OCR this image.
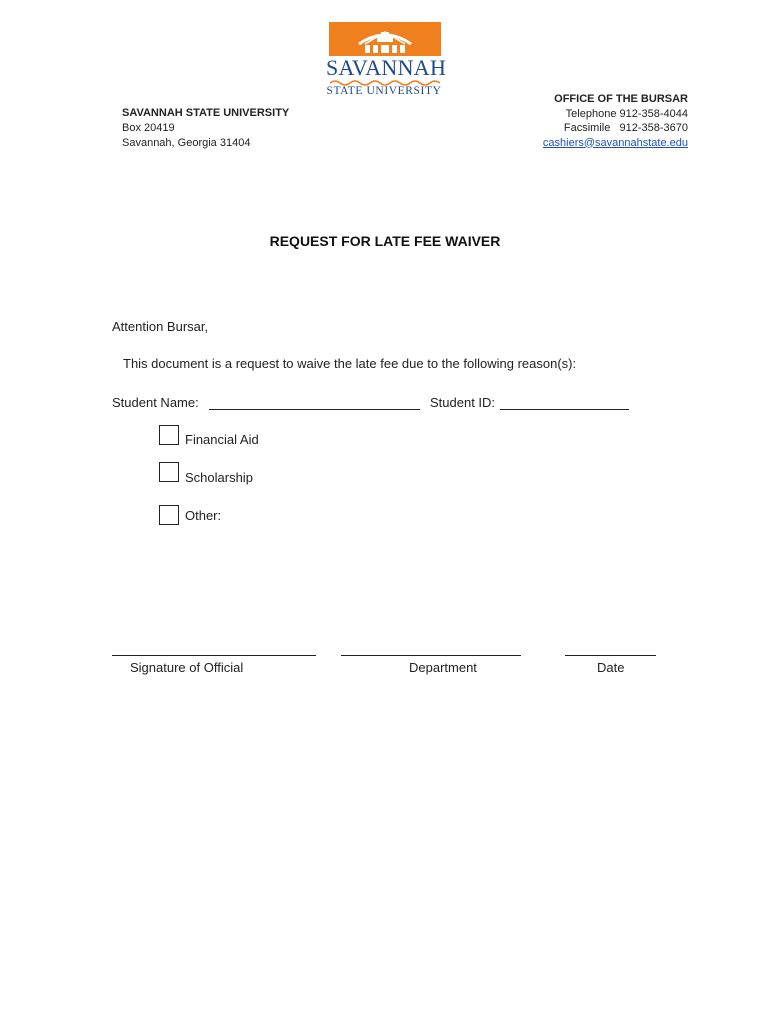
SAVANNAH
STATE UNIVERSITY
SAVANNAH STATE UNIVERSITY
Box 20419
Savannah, Georgia 31404
OFFICE OF THE BURSAR
Telephone 912-358-4044
Facsimile   912-358-3670
cashiers@savannahstate.edu
REQUEST FOR LATE FEE WAIVER
Attention Bursar,
This document is a request to waive the late fee due to the following reason(s):
Student Name:	Student ID:
Financial Aid
Scholarship
Other:
Signature of Official	Department	Date
